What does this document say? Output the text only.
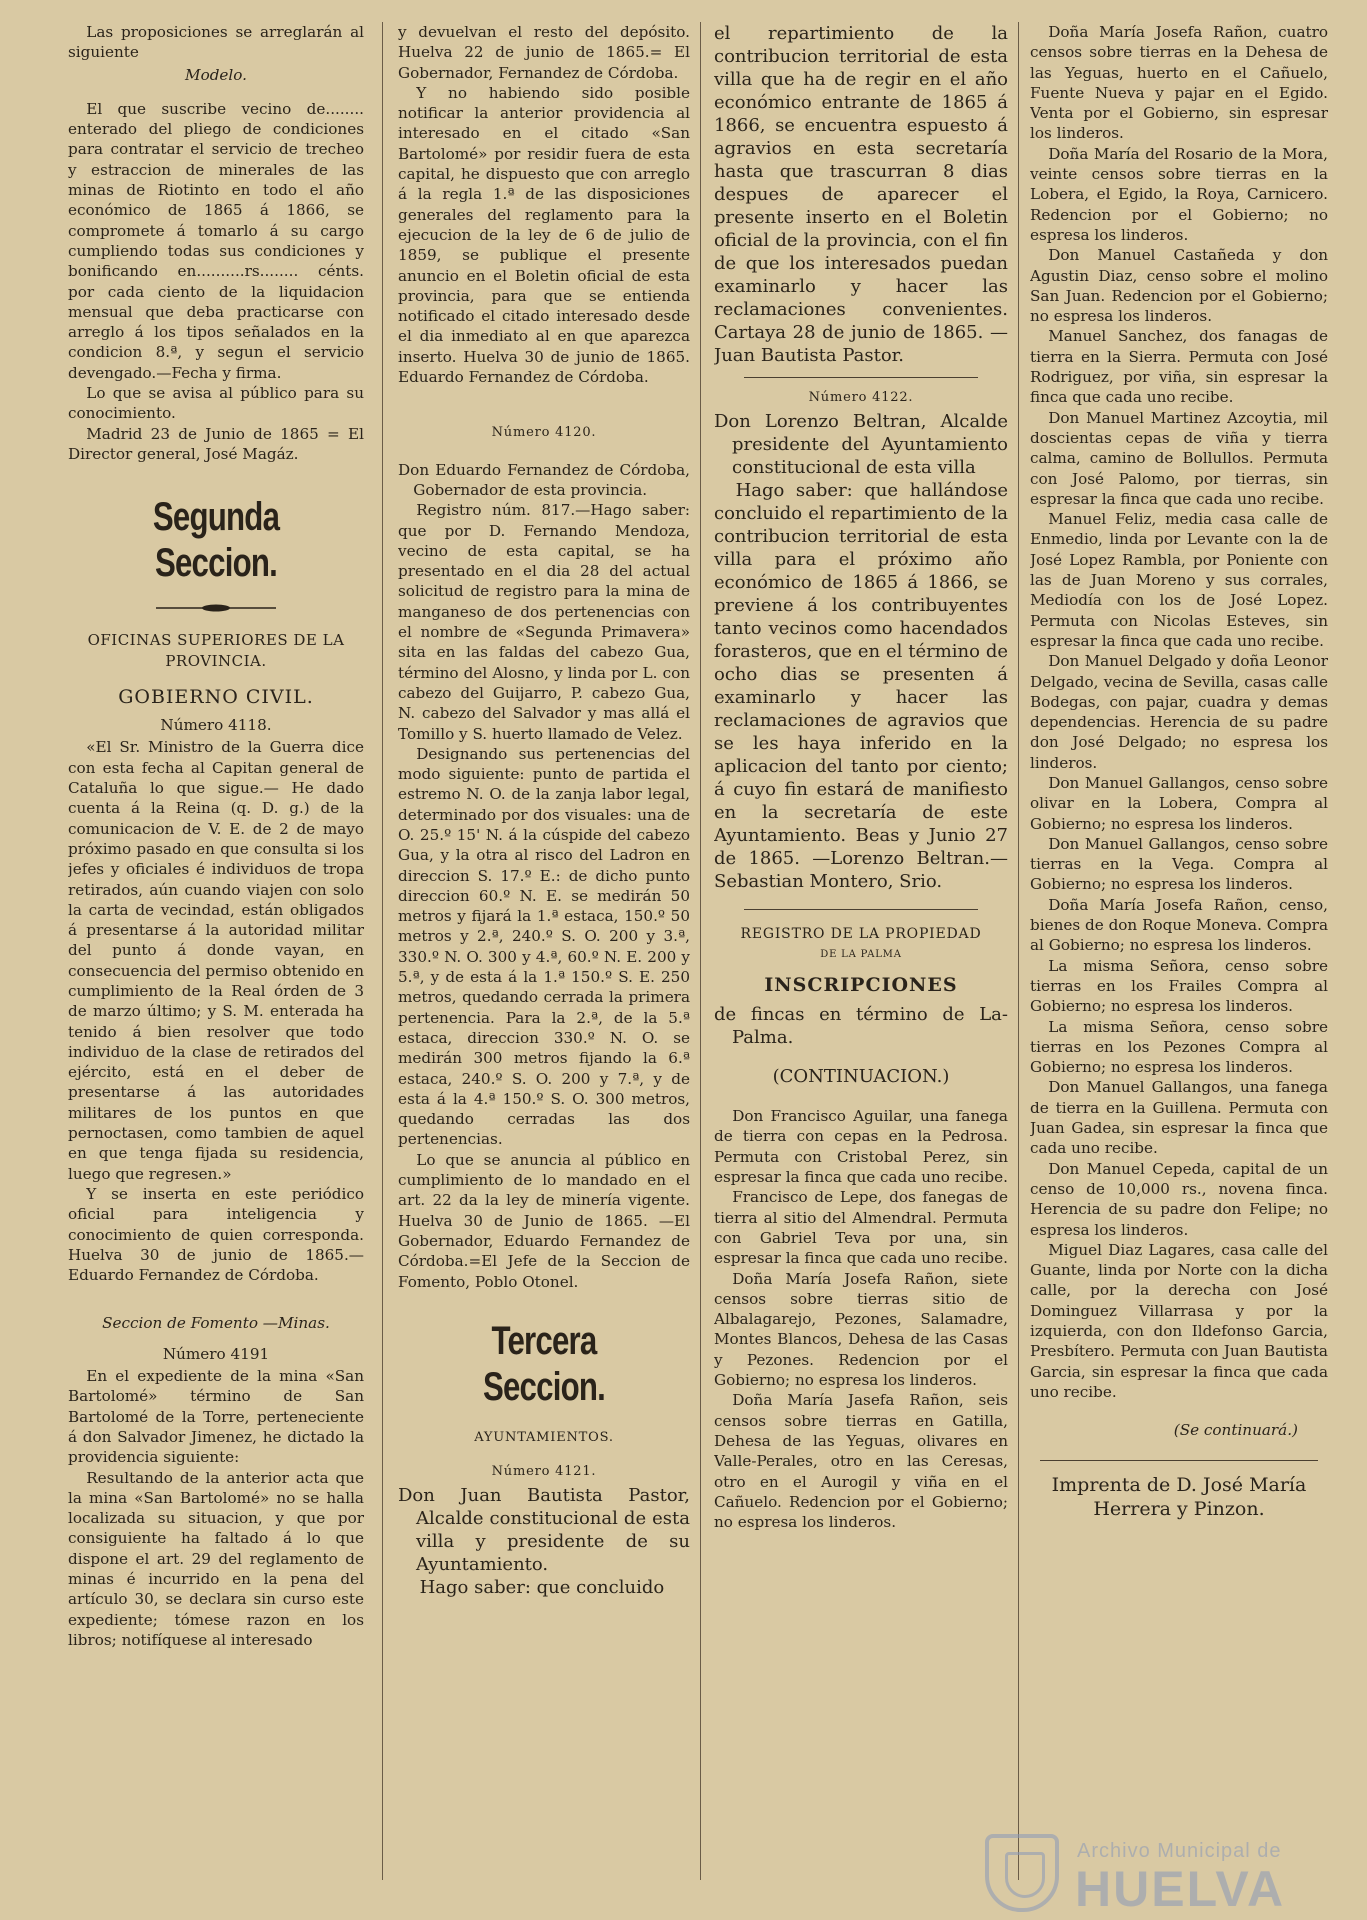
Las proposiciones se arreglarán al siguiente

Modelo.

El que suscribe vecino de........ enterado del pliego de condiciones para contratar el servicio de trecheo y estraccion de minerales de las minas de Riotinto en todo el año económico de 1865 á 1866, se compromete á tomarlo á su cargo cumpliendo todas sus condiciones y bonificando en..........rs........ cénts. por cada ciento de la liquidacion mensual que deba practicarse con arreglo á los tipos señalados en la condicion 8.ª, y segun el servicio devengado.—Fecha y firma.

Lo que se avisa al público para su conocimiento.

Madrid 23 de Junio de 1865 = El Director general, José Magáz.

Segunda Seccion.

OFICINAS SUPERIORES DE LA PROVINCIA.

GOBIERNO CIVIL.

Número 4118.

«El Sr. Ministro de la Guerra dice con esta fecha al Capitan general de Cataluña lo que sigue.— He dado cuenta á la Reina (q. D. g.) de la comunicacion de V. E. de 2 de mayo próximo pasado en que consulta si los jefes y oficiales é individuos de tropa retirados, aún cuando viajen con solo la carta de vecindad, están obligados á presentarse á la autoridad militar del punto á donde vayan, en consecuencia del permiso obtenido en cumplimiento de la Real órden de 3 de marzo último; y S. M. enterada ha tenido á bien resolver que todo individuo de la clase de retirados del ejército, está en el deber de presentarse á las autoridades militares de los puntos en que pernoctasen, como tambien de aquel en que tenga fijada su residencia, luego que regresen.»

Y se inserta en este periódico oficial para inteligencia y conocimiento de quien corresponda. Huelva 30 de junio de 1865.—Eduardo Fernandez de Córdoba.

Seccion de Fomento —Minas.

Número 4191

En el expediente de la mina «San Bartolomé» término de San Bartolomé de la Torre, perteneciente á don Salvador Jimenez, he dictado la providencia siguiente:

Resultando de la anterior acta que la mina «San Bartolomé» no se halla localizada su situacion, y que por consiguiente ha faltado á lo que dispone el art. 29 del reglamento de minas é incurrido en la pena del artículo 30, se declara sin curso este expediente; tómese razon en los libros; notifíquese al interesado

y devuelvan el resto del depósito. Huelva 22 de junio de 1865.= El Gobernador, Fernandez de Córdoba.

Y no habiendo sido posible notificar la anterior providencia al interesado en el citado «San Bartolomé» por residir fuera de esta capital, he dispuesto que con arreglo á la regla 1.ª de las disposiciones generales del reglamento para la ejecucion de la ley de 6 de julio de 1859, se publique el presente anuncio en el Boletin oficial de esta provincia, para que se entienda notificado el citado interesado desde el dia inmediato al en que aparezca inserto. Huelva 30 de junio de 1865. Eduardo Fernandez de Córdoba.

Número 4120.

Don Eduardo Fernandez de Córdoba, Gobernador de esta provincia.

Registro núm. 817.—Hago saber: que por D. Fernando Mendoza, vecino de esta capital, se ha presentado en el dia 28 del actual solicitud de registro para la mina de manganeso de dos pertenencias con el nombre de «Segunda Primavera» sita en las faldas del cabezo Gua, término del Alosno, y linda por L. con cabezo del Guijarro, P. cabezo Gua, N. cabezo del Salvador y mas allá el Tomillo y S. huerto llamado de Velez.

Designando sus pertenencias del modo siguiente: punto de partida el estremo N. O. de la zanja labor legal, determinado por dos visuales: una de O. 25.º 15' N. á la cúspide del cabezo Gua, y la otra al risco del Ladron en direccion S. 17.º E.: de dicho punto direccion 60.º N. E. se medirán 50 metros y fijará la 1.ª estaca, 150.º 50 metros y 2.ª, 240.º S. O. 200 y 3.ª, 330.º N. O. 300 y 4.ª, 60.º N. E. 200 y 5.ª, y de esta á la 1.ª 150.º S. E. 250 metros, quedando cerrada la primera pertenencia. Para la 2.ª, de la 5.ª estaca, direccion 330.º N. O. se medirán 300 metros fijando la 6.ª estaca, 240.º S. O. 200 y 7.ª, y de esta á la 4.ª 150.º S. O. 300 metros, quedando cerradas las dos pertenencias.

Lo que se anuncia al público en cumplimiento de lo mandado en el art. 22 da la ley de minería vigente. Huelva 30 de Junio de 1865. —El Gobernador, Eduardo Fernandez de Córdoba.=El Jefe de la Seccion de Fomento, Poblo Otonel.

Tercera Seccion.

AYUNTAMIENTOS.

Número 4121.

Don Juan Bautista Pastor, Alcalde constitucional de esta villa y presidente de su Ayuntamiento.

Hago saber: que concluido

el repartimiento de la contribucion territorial de esta villa que ha de regir en el año económico entrante de 1865 á 1866, se encuentra espuesto á agravios en esta secretaría hasta que trascurran 8 dias despues de aparecer el presente inserto en el Boletin oficial de la provincia, con el fin de que los interesados puedan examinarlo y hacer las reclamaciones convenientes. Cartaya 28 de junio de 1865. — Juan Bautista Pastor.

Número 4122.

Don Lorenzo Beltran, Alcalde presidente del Ayuntamiento constitucional de esta villa

Hago saber: que hallándose concluido el repartimiento de la contribucion territorial de esta villa para el próximo año económico de 1865 á 1866, se previene á los contribuyentes tanto vecinos como hacendados forasteros, que en el término de ocho dias se presenten á examinarlo y hacer las reclamaciones de agravios que se les haya inferido en la aplicacion del tanto por ciento; á cuyo fin estará de manifiesto en la secretaría de este Ayuntamiento. Beas y Junio 27 de 1865. —Lorenzo Beltran.—Sebastian Montero, Srio.

REGISTRO DE LA PROPIEDAD

DE LA PALMA

INSCRIPCIONES

de fincas en término de La-Palma.

(CONTINUACION.)

Don Francisco Aguilar, una fanega de tierra con cepas en la Pedrosa. Permuta con Cristobal Perez, sin espresar la finca que cada uno recibe.

Francisco de Lepe, dos fanegas de tierra al sitio del Almendral. Permuta con Gabriel Teva por una, sin espresar la finca que cada uno recibe.

Doña María Josefa Rañon, siete censos sobre tierras sitio de Albalagarejo, Pezones, Salamadre, Montes Blancos, Dehesa de las Casas y Pezones. Redencion por el Gobierno; no espresa los linderos.

Doña María Jasefa Rañon, seis censos sobre tierras en Gatilla, Dehesa de las Yeguas, olivares en Valle-Perales, otro en las Ceresas, otro en el Aurogil y viña en el Cañuelo. Redencion por el Gobierno; no espresa los linderos.

Doña María Josefa Rañon, cuatro censos sobre tierras en la Dehesa de las Yeguas, huerto en el Cañuelo, Fuente Nueva y pajar en el Egido. Venta por el Gobierno, sin espresar los linderos.

Doña María del Rosario de la Mora, veinte censos sobre tierras en la Lobera, el Egido, la Roya, Carnicero. Redencion por el Gobierno; no espresa los linderos.

Don Manuel Castañeda y don Agustin Diaz, censo sobre el molino San Juan. Redencion por el Gobierno; no espresa los linderos.

Manuel Sanchez, dos fanagas de tierra en la Sierra. Permuta con José Rodriguez, por viña, sin espresar la finca que cada uno recibe.

Don Manuel Martinez Azcoytia, mil doscientas cepas de viña y tierra calma, camino de Bollullos. Permuta con José Palomo, por tierras, sin espresar la finca que cada uno recibe.

Manuel Feliz, media casa calle de Enmedio, linda por Levante con la de José Lopez Rambla, por Poniente con las de Juan Moreno y sus corrales, Mediodía con los de José Lopez. Permuta con Nicolas Esteves, sin espresar la finca que cada uno recibe.

Don Manuel Delgado y doña Leonor Delgado, vecina de Sevilla, casas calle Bodegas, con pajar, cuadra y demas dependencias. Herencia de su padre don José Delgado; no espresa los linderos.

Don Manuel Gallangos, censo sobre olivar en la Lobera, Compra al Gobierno; no espresa los linderos.

Don Manuel Gallangos, censo sobre tierras en la Vega. Compra al Gobierno; no espresa los linderos.

Doña María Josefa Rañon, censo, bienes de don Roque Moneva. Compra al Gobierno; no espresa los linderos.

La misma Señora, censo sobre tierras en los Frailes Compra al Gobierno; no espresa los linderos.

La misma Señora, censo sobre tierras en los Pezones Compra al Gobierno; no espresa los linderos.

Don Manuel Gallangos, una fanega de tierra en la Guillena. Permuta con Juan Gadea, sin espresar la finca que cada uno recibe.

Don Manuel Cepeda, capital de un censo de 10,000 rs., novena finca. Herencia de su padre don Felipe; no espresa los linderos.

Miguel Diaz Lagares, casa calle del Guante, linda por Norte con la dicha calle, por la derecha con José Dominguez Villarrasa y por la izquierda, con don Ildefonso Garcia, Presbítero. Permuta con Juan Bautista Garcia, sin espresar la finca que cada uno recibe.

(Se continuará.)

Imprenta de D. José María Herrera y Pinzon.

Archivo Municipal de
HUELVA
